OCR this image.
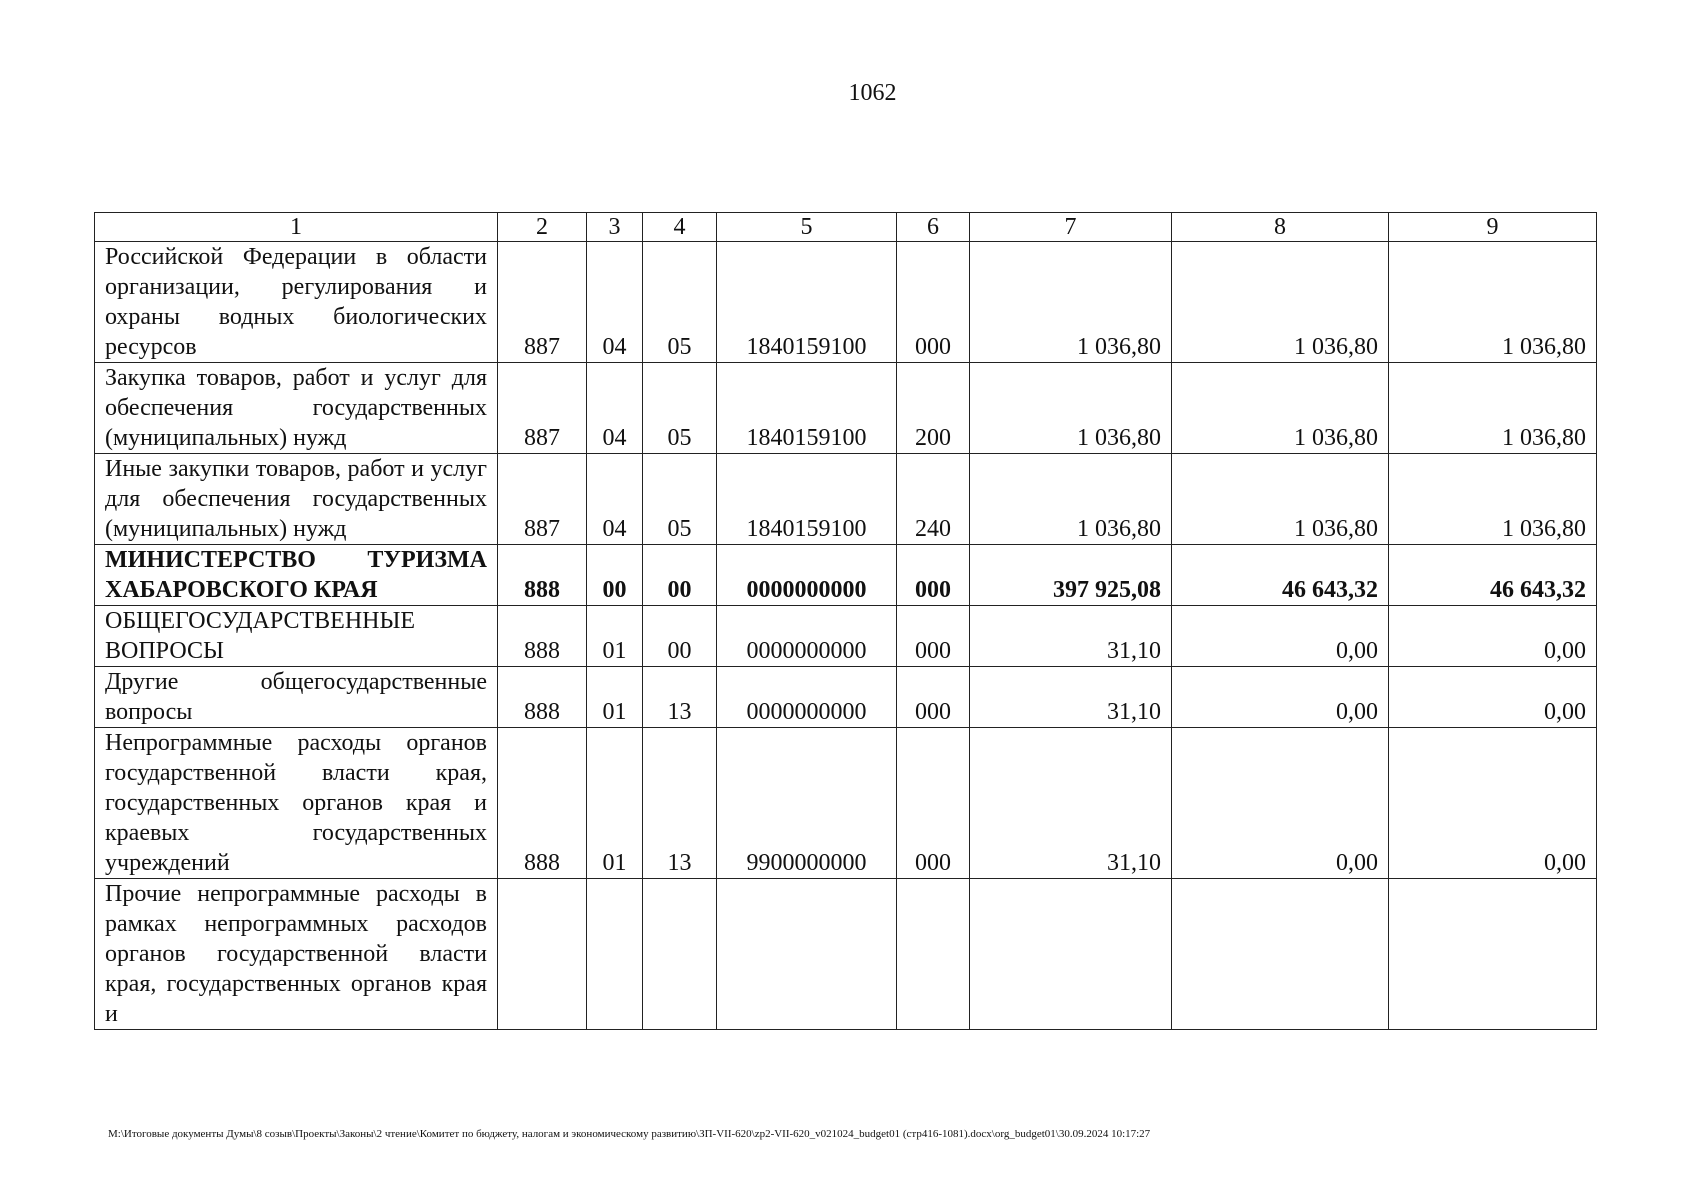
1062
1	2	3	4	5	6	7	8	9
Российской Федерации в области организации, регулирования и охраны водных биологических ресурсов	887	04	05	1840159100	000	1 036,80	1 036,80	1 036,80
Закупка товаров, работ и услуг для обеспечения государственных (муниципальных) нужд	887	04	05	1840159100	200	1 036,80	1 036,80	1 036,80
Иные закупки товаров, работ и услуг для обеспечения государственных (муниципальных) нужд	887	04	05	1840159100	240	1 036,80	1 036,80	1 036,80
МИНИСТЕРСТВО ТУРИЗМА ХАБАРОВСКОГО КРАЯ	888	00	00	0000000000	000	397 925,08	46 643,32	46 643,32
ОБЩЕГОСУДАРСТВЕННЫЕ ВОПРОСЫ	888	01	00	0000000000	000	31,10	0,00	0,00
Другие общегосударственные вопросы	888	01	13	0000000000	000	31,10	0,00	0,00
Непрограммные расходы органов государственной власти края, государственных органов края и краевых государственных учреждений	888	01	13	9900000000	000	31,10	0,00	0,00
Прочие непрограммные расходы в рамках непрограммных расходов органов государственной власти края, государственных органов края и								
M:\Итоговые документы Думы\8 созыв\Проекты\Законы\2 чтение\Комитет по бюджету, налогам и экономическому развитию\ЗП-VII-620\zp2-VII-620_v021024_budget01 (стр416-1081).docx\org_budget01\30.09.2024 10:17:27
